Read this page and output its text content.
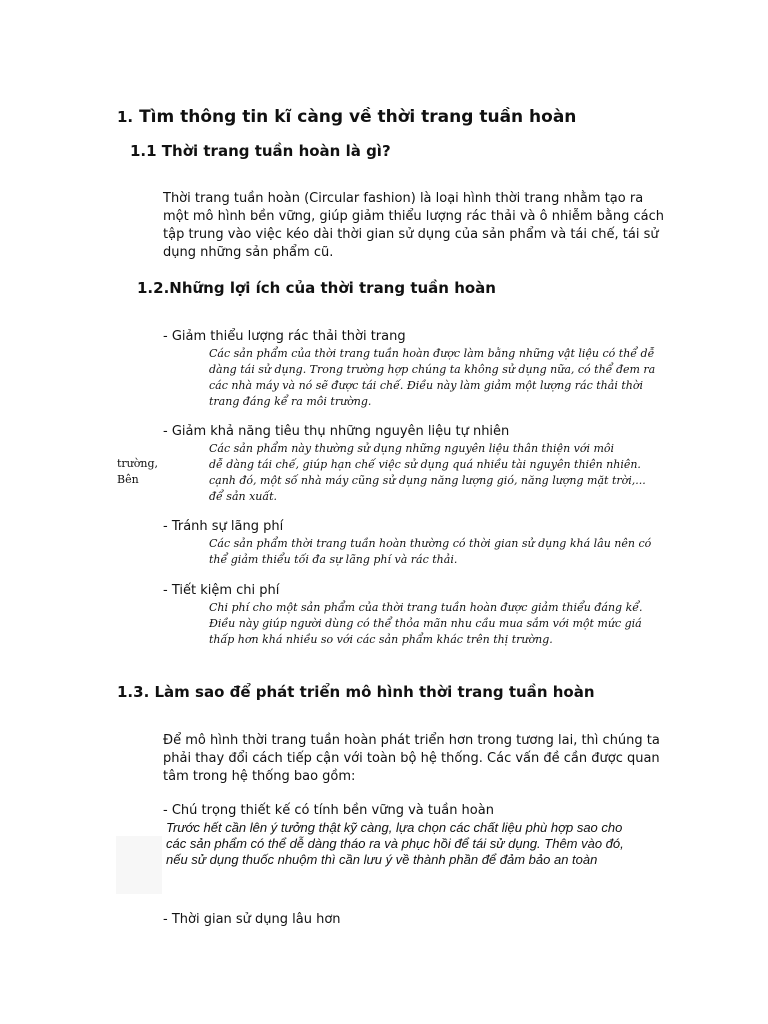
1. Tìm thông tin kĩ càng về thời trang tuần hoàn
1.1 Thời trang tuần hoàn là gì?
Thời trang tuần hoàn (Circular fashion) là loại hình thời trang nhằm tạo ra
một mô hình bền vững, giúp giảm thiểu lượng rác thải và ô nhiễm bằng cách
tập trung vào việc kéo dài thời gian sử dụng của sản phẩm và tái chế, tái sử
dụng những sản phẩm cũ.
1.2.Những lợi ích của thời trang tuần hoàn
- Giảm thiểu lượng rác thải thời trang
Các sản phẩm của thời trang tuần hoàn được làm bằng những vật liệu có thể dễ
dàng tái sử dụng. Trong trường hợp chúng ta không sử dụng nữa, có thể đem ra
các nhà máy và nó sẽ được tái chế. Điều này làm giảm một lượng rác thải thời
trang đáng kể ra môi trường.
- Giảm khả năng tiêu thụ những nguyên liệu tự nhiên
Các sản phẩm này thường sử dụng những nguyên liệu thân thiện với môi
dễ dàng tái chế, giúp hạn chế việc sử dụng quá nhiều tài nguyên thiên nhiên.
cạnh đó, một số nhà máy cũng sử dụng năng lượng gió, năng lượng mặt trời,...
để sản xuất.
trường,
Bên
- Tránh sự lãng phí
Các sản phẩm thời trang tuần hoàn thường có thời gian sử dụng khá lâu nên có
thể giảm thiểu tối đa sự lãng phí và rác thải.
- Tiết kiệm chi phí
Chi phí cho một sản phẩm của thời trang tuần hoàn được giảm thiểu đáng kể.
Điều này giúp người dùng có thể thỏa mãn nhu cầu mua sắm với một mức giá
thấp hơn khá nhiều so với các sản phẩm khác trên thị trường.
1.3. Làm sao để phát triển mô hình thời trang tuần hoàn
Để mô hình thời trang tuần hoàn phát triển hơn trong tương lai, thì chúng ta
phải thay đổi cách tiếp cận với toàn bộ hệ thống. Các vấn đề cần được quan
tâm trong hệ thống bao gồm:
- Chú trọng thiết kế có tính bền vững và tuần hoàn
Trước hết cần lên ý tưởng thật kỹ càng, lựa chọn các chất liệu phù hợp sao cho
các sản phẩm có thể dễ dàng tháo ra và phục hồi để tái sử dụng. Thêm vào đó,
nếu sử dụng thuốc nhuộm thì cần lưu ý về thành phần để đảm bảo an toàn
- Thời gian sử dụng lâu hơn
